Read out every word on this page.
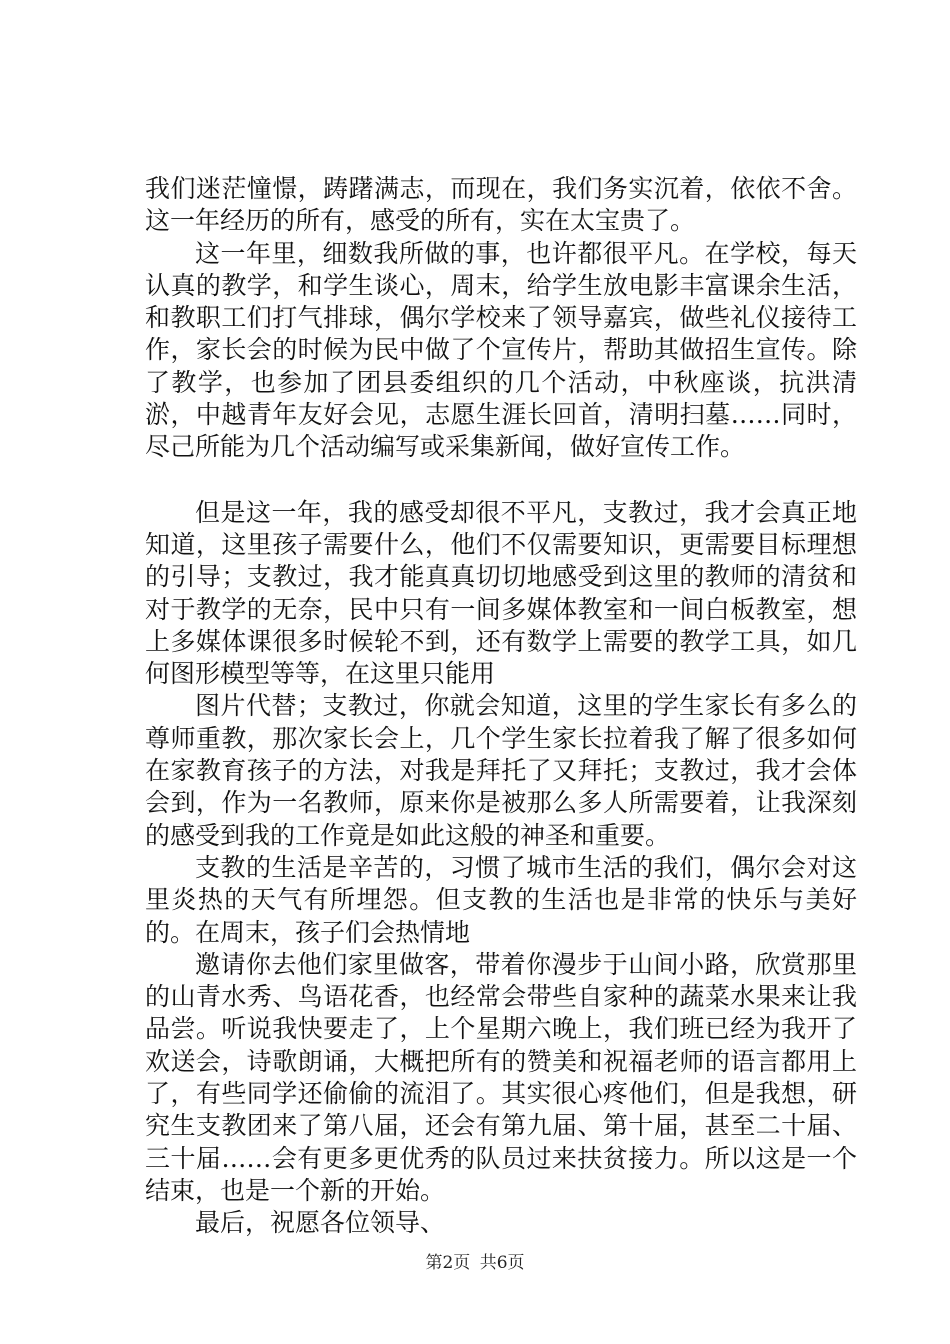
我们迷茫憧憬，踌躇满志，而现在，我们务实沉着，依依不舍。这一年经历的所有，感受的所有，实在太宝贵了。

这一年里，细数我所做的事，也许都很平凡。在学校，每天认真的教学，和学生谈心，周末，给学生放电影丰富课余生活，和教职工们打气排球，偶尔学校来了领导嘉宾，做些礼仪接待工作，家长会的时候为民中做了个宣传片，帮助其做招生宣传。除了教学，也参加了团县委组织的几个活动，中秋座谈，抗洪清淤，中越青年友好会见，志愿生涯长回首，清明扫墓……同时，尽己所能为几个活动编写或采集新闻，做好宣传工作。

但是这一年，我的感受却很不平凡，支教过，我才会真正地知道，这里孩子需要什么，他们不仅需要知识，更需要目标理想的引导；支教过，我才能真真切切地感受到这里的教师的清贫和对于教学的无奈，民中只有一间多媒体教室和一间白板教室，想上多媒体课很多时候轮不到，还有数学上需要的教学工具，如几何图形模型等等，在这里只能用

图片代替；支教过，你就会知道，这里的学生家长有多么的尊师重教，那次家长会上，几个学生家长拉着我了解了很多如何在家教育孩子的方法，对我是拜托了又拜托；支教过，我才会体会到，作为一名教师，原来你是被那么多人所需要着，让我深刻的感受到我的工作竟是如此这般的神圣和重要。

支教的生活是辛苦的，习惯了城市生活的我们，偶尔会对这里炎热的天气有所埋怨。但支教的生活也是非常的快乐与美好的。在周末，孩子们会热情地

邀请你去他们家里做客，带着你漫步于山间小路，欣赏那里的山青水秀、鸟语花香，也经常会带些自家种的蔬菜水果来让我品尝。听说我快要走了，上个星期六晚上，我们班已经为我开了欢送会，诗歌朗诵，大概把所有的赞美和祝福老师的语言都用上了，有些同学还偷偷的流泪了。其实很心疼他们，但是我想，研究生支教团来了第八届，还会有第九届、第十届，甚至二十届、三十届……会有更多更优秀的队员过来扶贫接力。所以这是一个结束，也是一个新的开始。

最后，祝愿各位领导、

第2页 共6页
